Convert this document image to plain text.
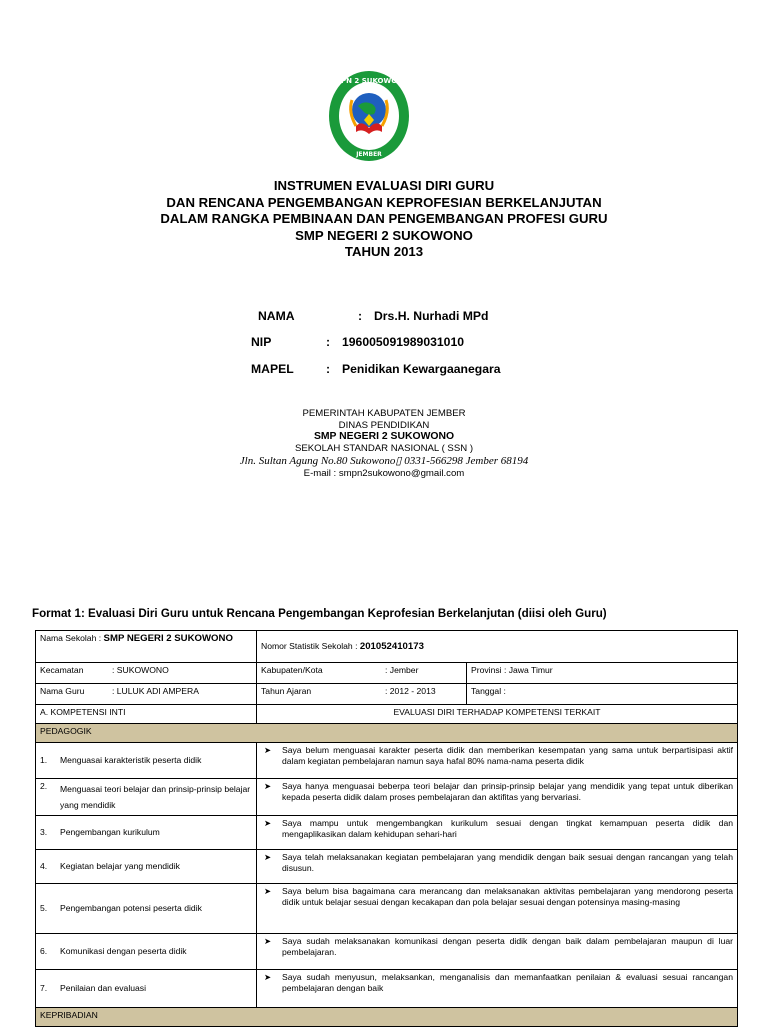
SMPN 2 SUKOWONO
JEMBER
INSTRUMEN EVALUASI DIRI GURU
DAN RENCANA PENGEMBANGAN KEPROFESIAN BERKELANJUTAN
DALAM RANGKA PEMBINAAN DAN PENGEMBANGAN PROFESI GURU
SMP NEGERI 2 SUKOWONO
TAHUN 2013
NAMA	: Drs.H. Nurhadi MPd
NIP	: 196005091989031010
MAPEL	: Penidikan Kewargaanegara
PEMERINTAH KABUPATEN JEMBER
DINAS PENDIDIKAN
SMP NEGERI 2 SUKOWONO
SEKOLAH STANDAR NASIONAL ( SSN )
Jln. Sultan Agung No.80 Sukowono▯ 0331-566298 Jember 68194
E-mail : smpn2sukowono@gmail.com
Format 1: Evaluasi Diri Guru untuk Rencana Pengembangan Keprofesian Berkelanjutan (diisi oleh Guru)
Nama Sekolah : SMP NEGERI 2 SUKOWONO	Nomor Statistik Sekolah : 201052410173	
Kecamatan : SUKOWONO	Kabupaten/Kota : Jember	Provinsi : Jawa Timur
Nama Guru : LULUK ADI AMPERA	Tahun Ajaran : 2012 - 2013	Tanggal :
A. KOMPETENSI INTI	EVALUASI DIRI TERHADAP KOMPETENSI TERKAIT	
PEDAGOGIK		
1. Menguasai karakteristik peserta didik	➤ Saya belum menguasai karakter peserta didik dan memberikan kesempatan yang sama untuk berpartisipasi aktif dalam kegiatan pembelajaran namun saya hafal 80% nama-nama peserta didik	

2. Menguasai teori belajar dan prinsip-prinsip belajar yang mendidik	➤ Saya hanya menguasai beberpa teori belajar dan prinsip-prinsip belajar yang mendidik yang tepat untuk diberikan kepada peserta didik dalam proses pembelajaran dan aktifitas yang bervariasi.	

3. Pengembangan kurikulum	➤ Saya mampu untuk mengembangkan kurikulum sesuai dengan tingkat kemampuan peserta didik dan mengaplikasikan dalam kehidupan sehari-hari	

4. Kegiatan belajar yang mendidik	➤ Saya telah melaksanakan kegiatan pembelajaran yang mendidik dengan baik sesuai dengan rancangan yang telah disusun.	

5. Pengembangan potensi peserta didik	➤ Saya belum bisa bagaimana cara merancang dan melaksanakan aktivitas pembelajaran yang mendorong peserta didik untuk belajar sesuai dengan kecakapan dan pola belajar sesuai dengan potensinya masing-masing	

6. Komunikasi dengan peserta didik	➤ Saya sudah melaksanakan komunikasi dengan peserta didik dengan baik dalam pembelajaran maupun di luar pembelajaran.	

7. Penilaian dan evaluasi	➤ Saya sudah menyusun, melaksankan, menganalisis dan memanfaatkan penilaian & evaluasi sesuai rancangan pembelajaran dengan baik	

KEPRIBADIAN		
